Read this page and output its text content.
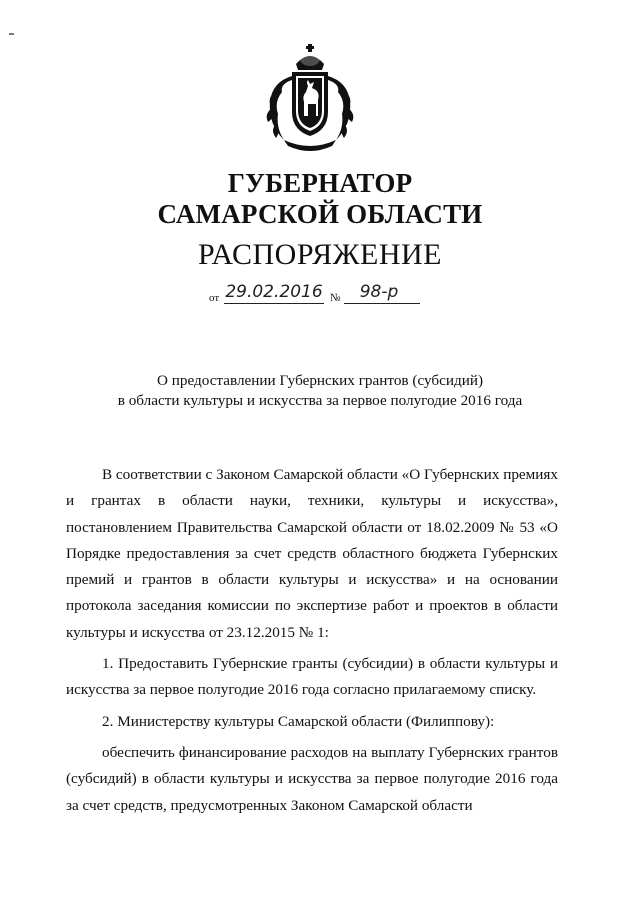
ГУБЕРНАТОР
САМАРСКОЙ ОБЛАСТИ
РАСПОРЯЖЕНИЕ
от 29.02.2016 №	98-р
О предоставлении Губернских грантов (субсидий)
в области культуры и искусства за первое полугодие 2016 года

В соответствии с Законом Самарской области «О Губернских премиях и грантах в области науки, техники, культуры и искусства», постановлением Правительства Самарской области от 18.02.2009 № 53 «О Порядке предоставления за счет средств областного бюджета Губернских премий и грантов в области культуры и искусства» и на основании протокола заседания комиссии по экспертизе работ и проектов в области культуры и искусства от 23.12.2015 № 1:

1. Предоставить Губернские гранты (субсидии) в области культуры и искусства за первое полугодие 2016 года согласно прилагаемому списку.

2. Министерству культуры Самарской области (Филиппову):

обеспечить финансирование расходов на выплату Губернских грантов (субсидий) в области культуры и искусства за первое полугодие 2016 года за счет средств, предусмотренных Законом Самарской области
